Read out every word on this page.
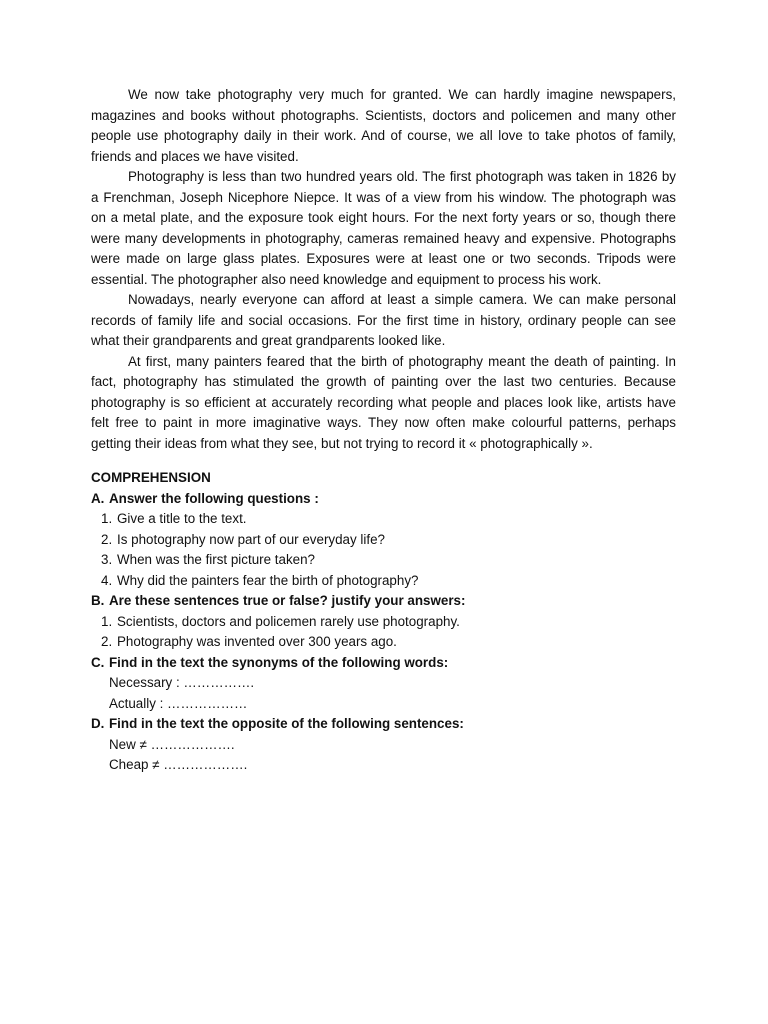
We now take photography very much for granted. We can hardly imagine newspapers, magazines and books without photographs. Scientists, doctors and policemen and many other people use photography daily in their work. And of course, we all love to take photos of family, friends and places we have visited.

Photography is less than two hundred years old. The first photograph was taken in 1826 by a Frenchman, Joseph Nicephore Niepce. It was of a view from his window. The photograph was on a metal plate, and the exposure took eight hours. For the next forty years or so, though there were many developments in photography, cameras remained heavy and expensive. Photographs were made on large glass plates. Exposures were at least one or two seconds. Tripods were essential. The photographer also need knowledge and equipment to process his work.

Nowadays, nearly everyone can afford at least a simple camera. We can make personal records of family life and social occasions. For the first time in history, ordinary people can see what their grandparents and great grandparents looked like.

At first, many painters feared that the birth of photography meant the death of painting. In fact, photography has stimulated the growth of painting over the last two centuries. Because photography is so efficient at accurately recording what people and places look like, artists have felt free to paint in more imaginative ways. They now often make colourful patterns, perhaps getting their ideas from what they see, but not trying to record it « photographically ».

COMPREHENSION
A. Answer the following questions :
1. Give a title to the text.
2. Is photography now part of our everyday life?
3. When was the first picture taken?
4. Why did the painters fear the birth of photography?
B. Are these sentences true or false? justify your answers:
1. Scientists, doctors and policemen rarely use photography.
2. Photography was invented over 300 years ago.
C. Find in the text the synonyms of the following words:
Necessary : …………….
Actually : ………………
D. Find in the text the opposite of the following sentences:
New ≠ ……………….
Cheap ≠ ……………….
